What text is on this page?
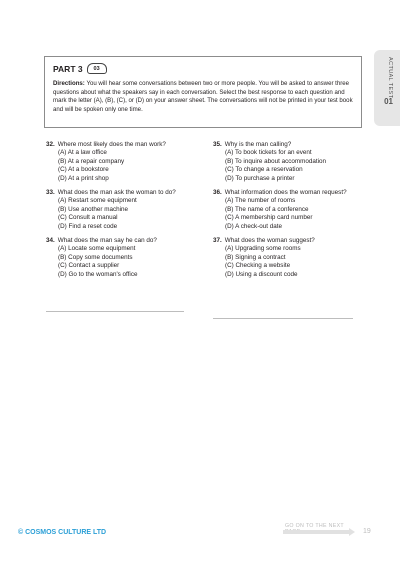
ACTUAL TEST
01
PART 3 03
Directions: You will hear some conversations between two or more people. You will be asked to answer three questions about what the speakers say in each conversation. Select the best response to each question and mark the letter (A), (B), (C), or (D) on your answer sheet. The conversations will not be printed in your test book and will be spoken only one time.
32. Where most likely does the man work?
(A) At a law office
(B) At a repair company
(C) At a bookstore
(D) At a print shop
33. What does the man ask the woman to do?
(A) Restart some equipment
(B) Use another machine
(C) Consult a manual
(D) Find a reset code
34. What does the man say he can do?
(A) Locate some equipment
(B) Copy some documents
(C) Contact a supplier
(D) Go to the woman's office
35. Why is the man calling?
(A) To book tickets for an event
(B) To inquire about accommodation
(C) To change a reservation
(D) To purchase a printer
36. What information does the woman request?
(A) The number of rooms
(B) The name of a conference
(C) A membership card number
(D) A check-out date
37. What does the woman suggest?
(A) Upgrading some rooms
(B) Signing a contract
(C) Checking a website
(D) Using a discount code
© COSMOS CULTURE LTD
GO ON TO THE NEXT
19
